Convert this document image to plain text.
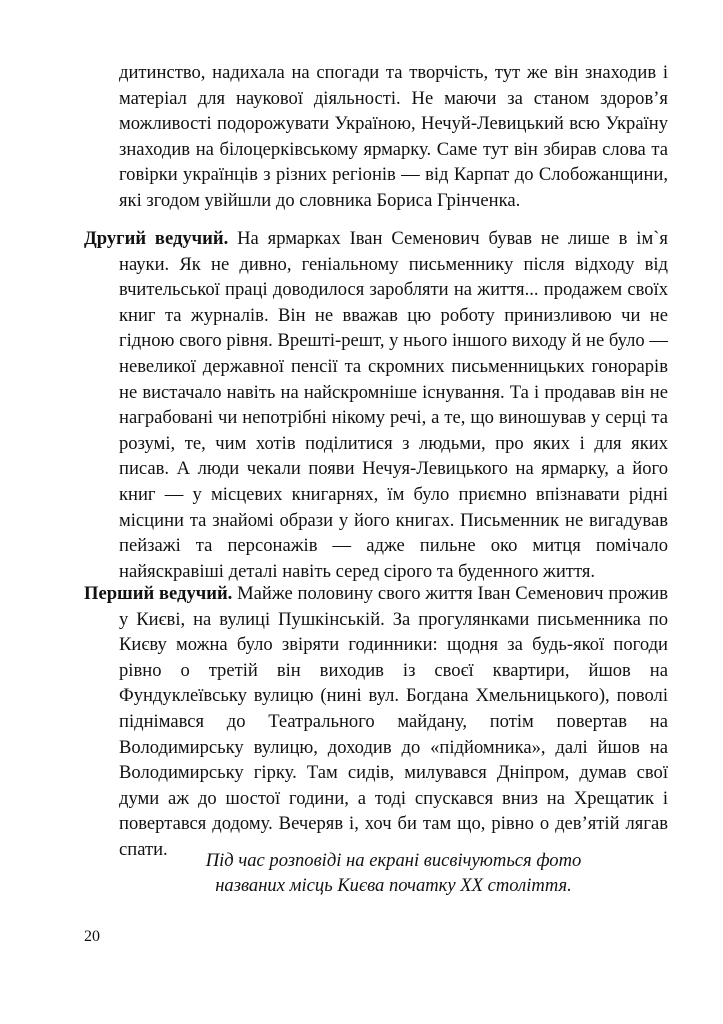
дитинство, надихала на спогади та творчість, тут же він знаходив і матеріал для наукової діяльності. Не маючи за станом здоров’я можливості подорожувати Україною, Нечуй-Левицький всю Україну знаходив на білоцерківському ярмарку. Саме тут він збирав слова та говірки українців з різних регіонів — від Карпат до Слобожанщини, які згодом увійшли до словника Бориса Грінченка.

Другий ведучий. На ярмарках Іван Семенович бував не лише в ім`я науки. Як не дивно, геніальному письменнику після відходу від вчительської праці доводилося заробляти на життя... продажем своїх книг та журналів. Він не вважав цю роботу принизливою чи не гідною свого рівня. Врешті-решт, у нього іншого виходу й не було — невеликої державної пенсії та скромних письменницьких гонорарів не вистачало навіть на найскромніше існування. Та і продавав він не награбовані чи непотрібні нікому речі, а те, що виношував у серці та розумі, те, чим хотів поділитися з людьми, про яких і для яких писав. А люди чекали появи Нечуя-Левицького на ярмарку, а його книг — у місцевих книгарнях, їм було приємно впізнавати рідні місцини та знайомі образи у його книгах. Письменник не вигадував пейзажі та персонажів — адже пильне око митця помічало найяскравіші деталі навіть серед сірого та буденного життя.

Перший ведучий. Майже половину свого життя Іван Семенович прожив у Києві, на вулиці Пушкінській. За прогулянками письменника по Києву можна було звіряти годинники: щодня за будь-якої погоди рівно о третій він виходив із своєї квартири, йшов на Фундуклеївську вулицю (нині вул. Богдана Хмельницького), поволі піднімався до Театрального майдану, потім повертав на Володимирську вулицю, доходив до «підйомника», далі йшов на Володимирську гірку. Там сидів, милувався Дніпром, думав свої думи аж до шостої години, а тоді спускався вниз на Хрещатик і повертався додому. Вечеряв і, хоч би там що, рівно о дев’ятій лягав спати.

Під час розповіді на екрані висвічуються фото
названих місць Києва початку XX століття.

20
